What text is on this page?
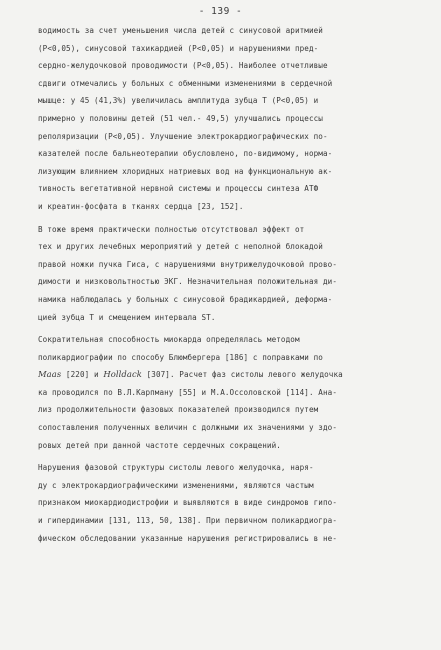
- 139 -
водимость за счет уменьшения числа детей с синусовой аритмией
(P<0,05), синусовой тахикардией (P<0,05) и нарушениями пред-
сердно-желудочковой проводимости (P<0,05). Наиболее отчетливые
сдвиги отмечались у больных с обменными изменениями в сердечной
мышце: у 45 (41,3%) увеличилась амплитуда зубца Т (P<0,05) и
примерно у половины детей (51 чел.- 49,5) улучшались процессы
реполяризации (P<0,05). Улучшение электрокардиографических по-
казателей после бальнеотерапии обусловлено, по-видимому, норма-
лизующим влиянием хлоридных натриевых вод на функциональную ак-
тивность вегетативной нервной системы и процессы синтеза АТФ
и креатин-фосфата в тканях сердца [23, 152].
В тоже время практически полностью отсутствовал эффект от
тех и других лечебных мероприятий у детей с неполной блокадой
правой ножки пучка Гиса, с нарушениями внутрижелудочковой прово-
димости и низковольтностью ЭКГ. Незначительная положительная ди-
намика наблюдалась у больных с синусовой брадикардией, деформа-
цией зубца Т и смещением интервала ST.
Сократительная способность миокарда определялась методом
поликардиографии по способу Блюмбергера [186] с поправками по
Maas [220] и Holldack [307]. Расчет фаз систолы левого желудочка
ка проводился по В.Л.Карпману [55] и М.А.Оссоловской [114]. Ана-
лиз продолжительности фазовых показателей производился путем
сопоставления полученных величин с должными их значениями у здо-
ровых детей при данной частоте сердечных сокращений.
Нарушения фазовой структуры систолы левого желудочка, наря-
ду с электрокардиографическими изменениями, являются частым
признаком миокардиодистрофии и выявляются в виде синдромов гипо-
и гипердинамии [131, 113, 50, 138]. При первичном поликардиогра-
фическом обследовании указанные нарушения регистрировались в не-
